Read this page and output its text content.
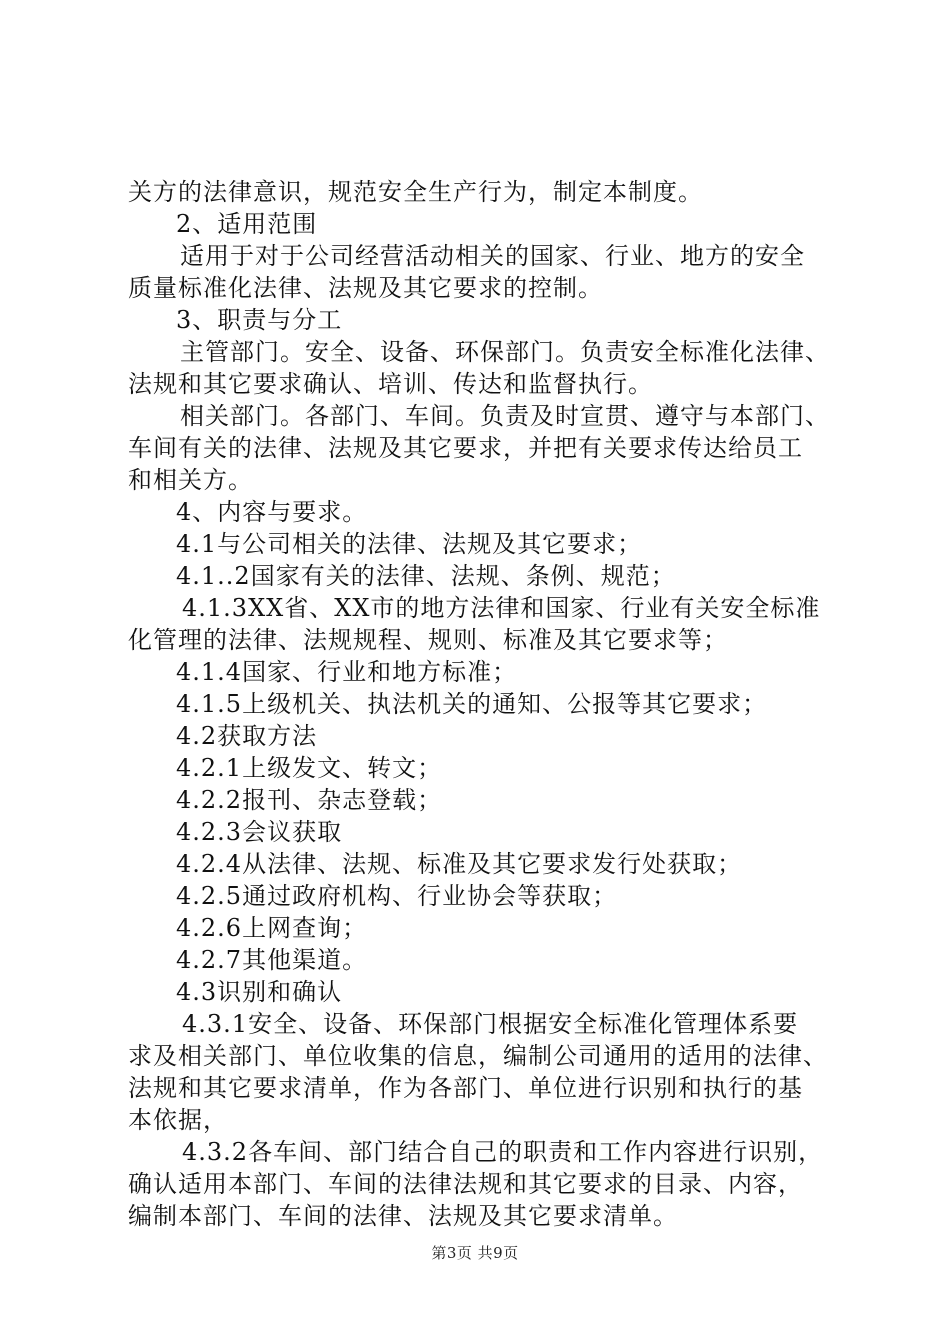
关方的法律意识，规范安全生产行为，制定本制度。
2、适用范围
适用于对于公司经营活动相关的国家、行业、地方的安全
质量标准化法律、法规及其它要求的控制。
3、职责与分工
主管部门。安全、设备、环保部门。负责安全标准化法律、
法规和其它要求确认、培训、传达和监督执行。
相关部门。各部门、车间。负责及时宣贯、遵守与本部门、
车间有关的法律、法规及其它要求，并把有关要求传达给员工
和相关方。
4、内容与要求。
4.1与公司相关的法律、法规及其它要求；
4.1..2国家有关的法律、法规、条例、规范；
4.1.3XX省、XX市的地方法律和国家、行业有关安全标准
化管理的法律、法规规程、规则、标准及其它要求等；
4.1.4国家、行业和地方标准；
4.1.5上级机关、执法机关的通知、公报等其它要求；
4.2获取方法
4.2.1上级发文、转文；
4.2.2报刊、杂志登载；
4.2.3会议获取
4.2.4从法律、法规、标准及其它要求发行处获取；
4.2.5通过政府机构、行业协会等获取；
4.2.6上网查询；
4.2.7其他渠道。
4.3识别和确认
4.3.1安全、设备、环保部门根据安全标准化管理体系要
求及相关部门、单位收集的信息，编制公司通用的适用的法律、
法规和其它要求清单，作为各部门、单位进行识别和执行的基
本依据，
4.3.2各车间、部门结合自己的职责和工作内容进行识别，
确认适用本部门、车间的法律法规和其它要求的目录、内容，
编制本部门、车间的法律、法规及其它要求清单。
第3页 共9页
